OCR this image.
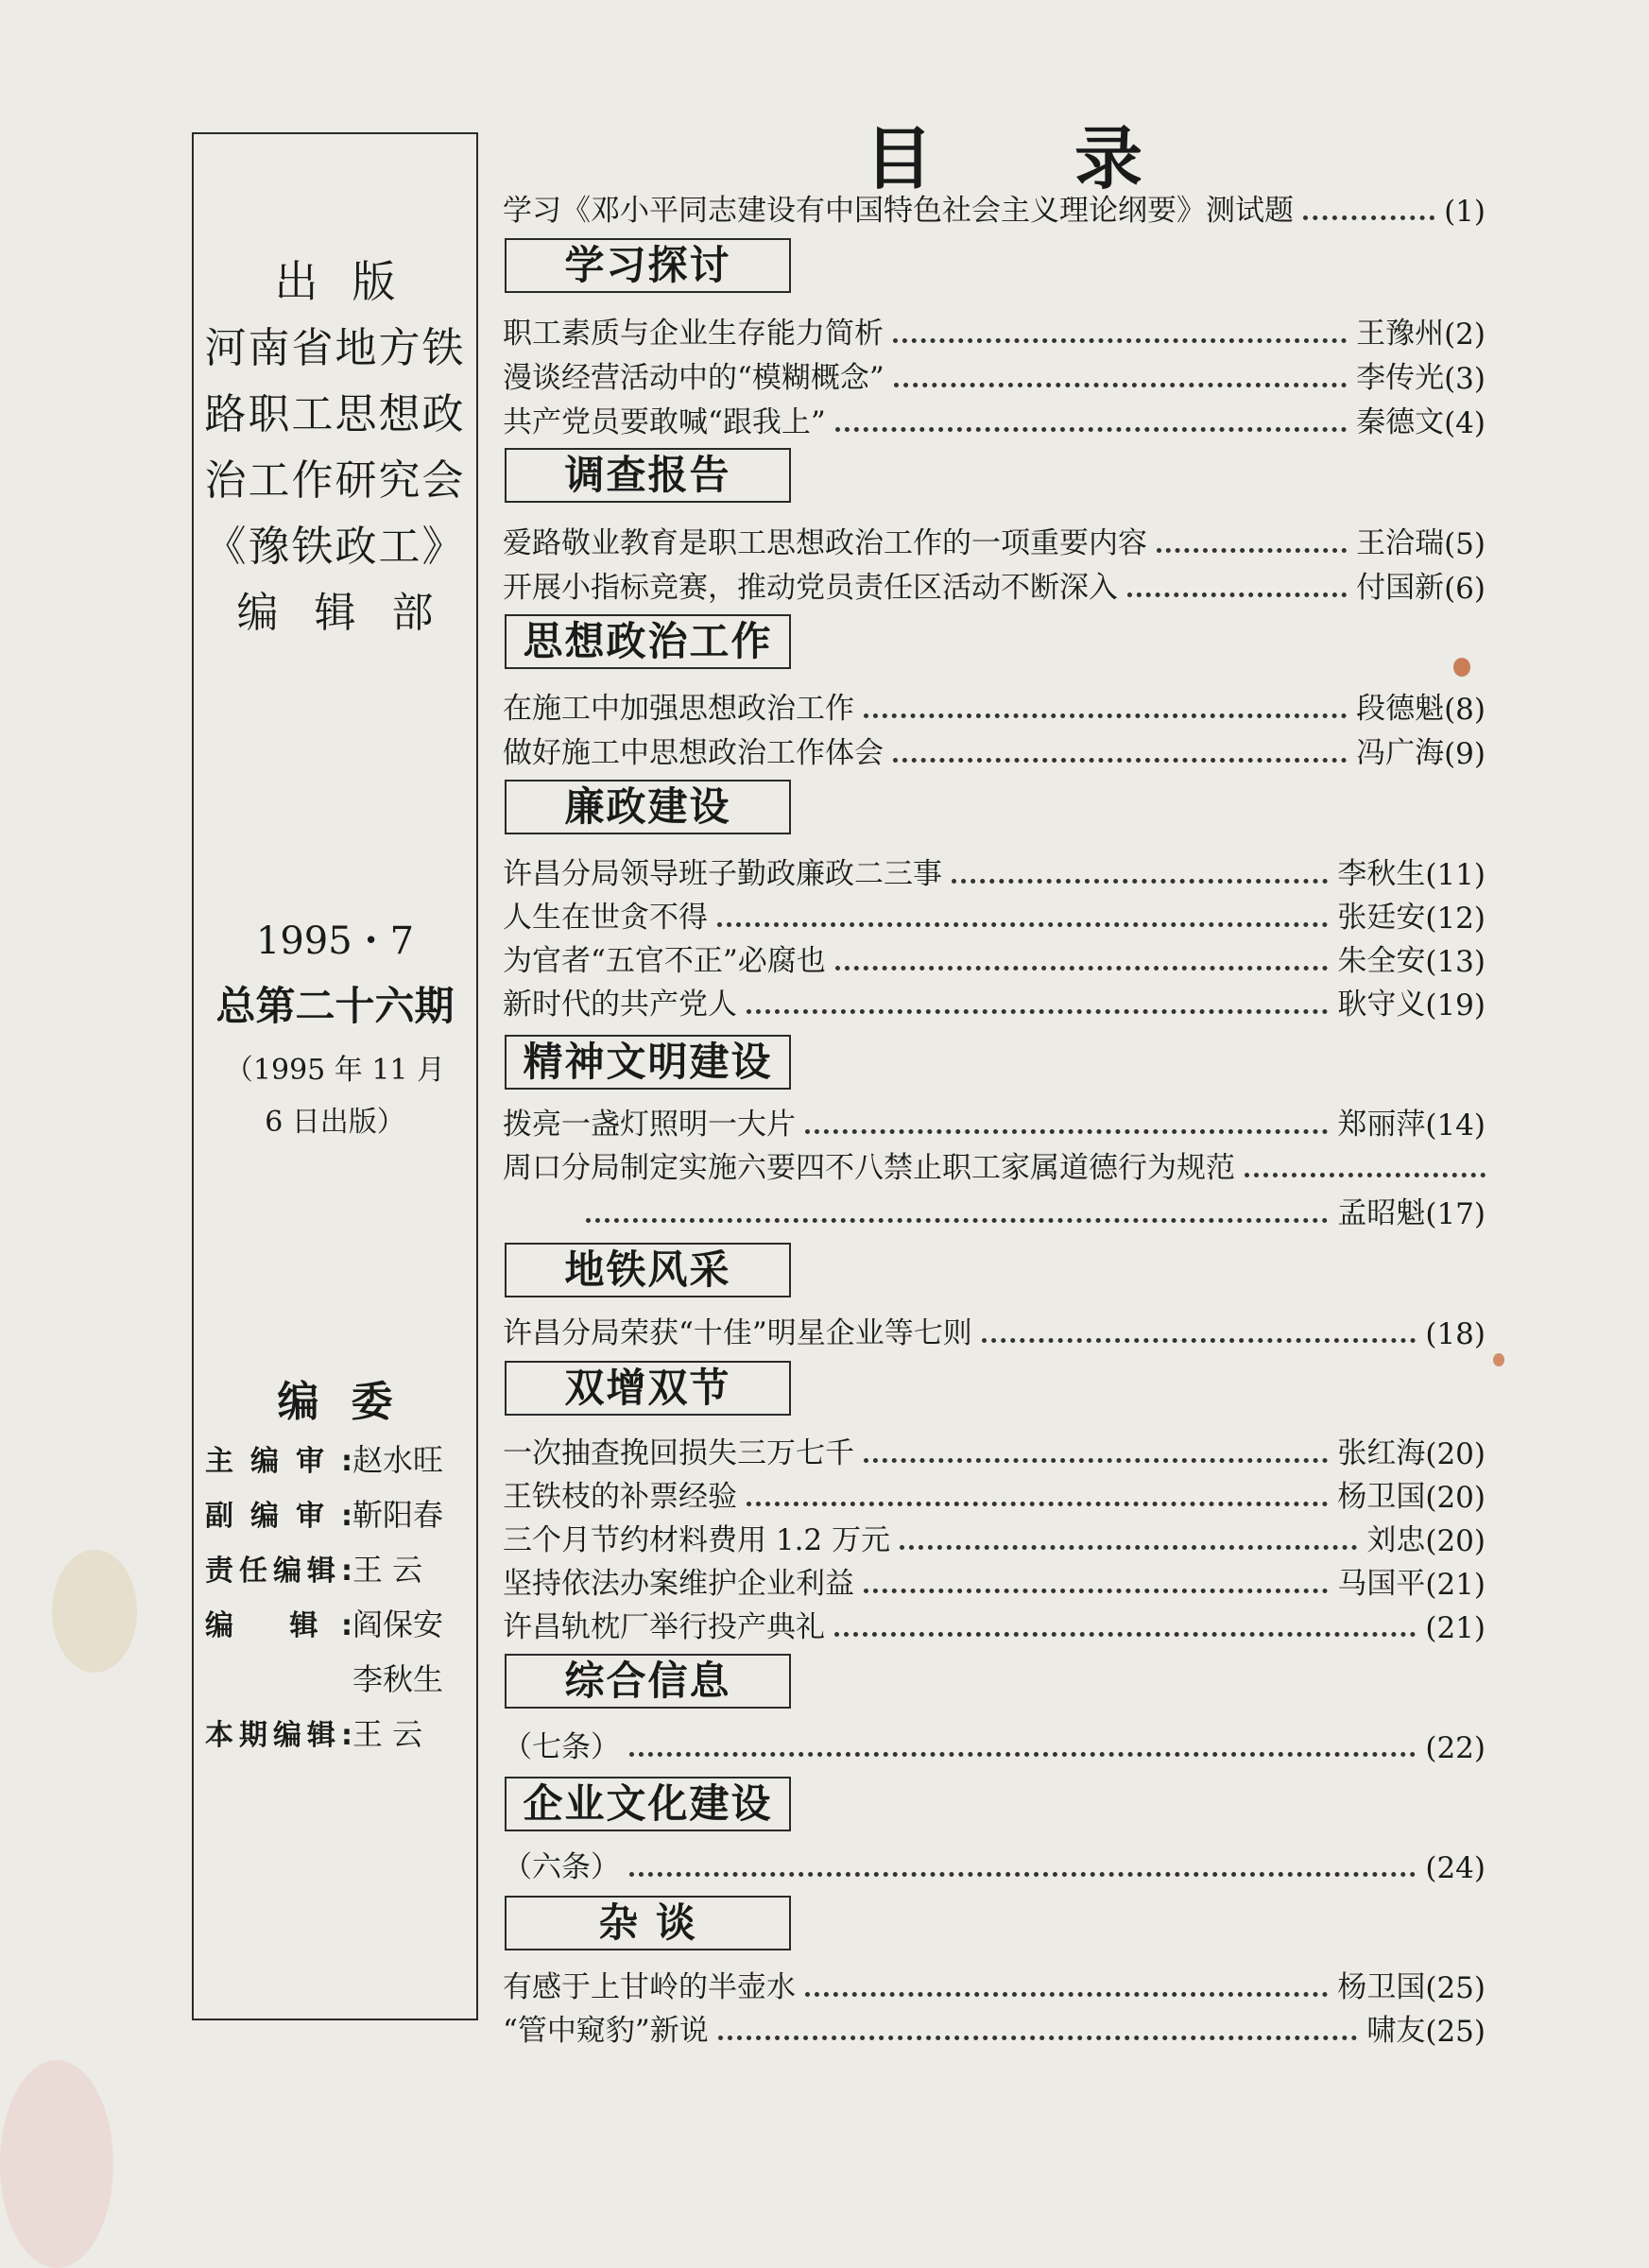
出版
河南省地方铁
路职工思想政
治工作研究会
《豫铁政工》
编辑部
1995・7
总第二十六期
（1995 年 11 月
6 日出版）
编委
主编审:赵水旺
副编审:靳阳春
责任编辑:王 云
编 辑:阎保安
李秋生
本期编辑:王 云
目录
学习《邓小平同志建设有中国特色社会主义理论纲要》测试题	(1)
学习探讨
职工素质与企业生存能力简析	王豫州 (2)
漫谈经营活动中的“模糊概念”	李传光 (3)
共产党员要敢喊“跟我上”	秦德文 (4)
调查报告
爱路敬业教育是职工思想政治工作的一项重要内容	王洽瑞 (5)
开展小指标竞赛，推动党员责任区活动不断深入	付国新 (6)
思想政治工作
在施工中加强思想政治工作	段德魁 (8)
做好施工中思想政治工作体会	冯广海 (9)
廉政建设
许昌分局领导班子勤政廉政二三事	李秋生 (11)
人生在世贪不得	张廷安 (12)
为官者“五官不正”必腐也	朱全安 (13)
新时代的共产党人	耿守义 (19)
精神文明建设
拨亮一盏灯照明一大片	郑丽萍 (14)
周口分局制定实施六要四不八禁止职工家属道德行为规范
孟昭魁 (17)
地铁风采
许昌分局荣获“十佳”明星企业等七则	(18)
双增双节
一次抽查挽回损失三万七千	张红海 (20)
王铁枝的补票经验	杨卫国 (20)
三个月节约材料费用 1.2 万元	刘忠 (20)
坚持依法办案维护企业利益	马国平 (21)
许昌轨枕厂举行投产典礼	(21)
综合信息
（七条）	(22)
企业文化建设
（六条）	(24)
杂 谈
有感于上甘岭的半壶水	杨卫国 (25)
“管中窥豹”新说	啸友 (25)
